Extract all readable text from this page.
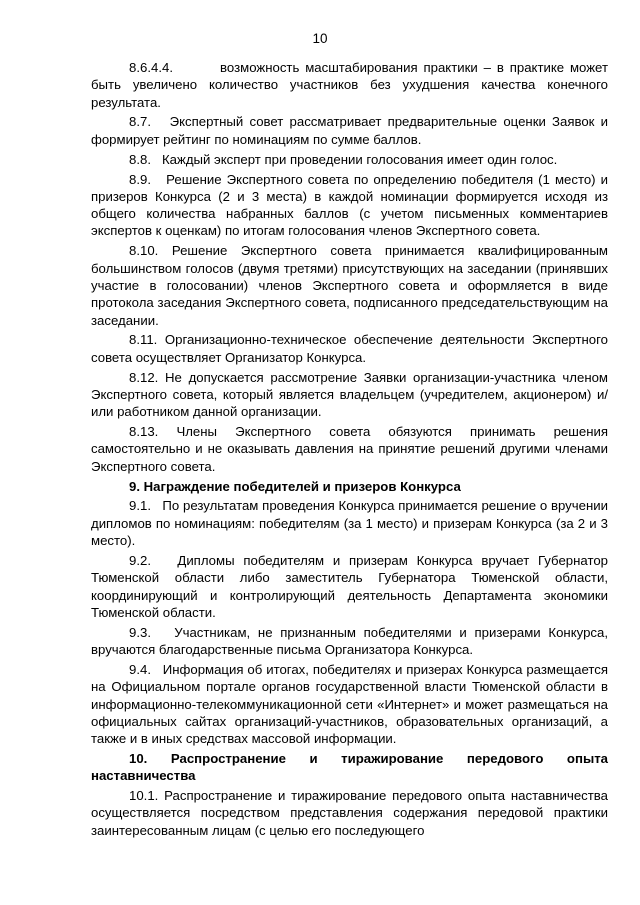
10

8.6.4.4.        возможность масштабирования практики – в практике может быть увеличено количество участников без ухудшения качества конечного результата.

8.7.   Экспертный совет рассматривает предварительные оценки Заявок и формирует рейтинг по номинациям по сумме баллов.

8.8.   Каждый эксперт при проведении голосования имеет один голос.

8.9.   Решение Экспертного совета по определению победителя (1 место) и призеров Конкурса (2 и 3 места) в каждой номинации формируется исходя из общего количества набранных баллов (с учетом письменных комментариев экспертов к оценкам) по итогам голосования членов Экспертного совета.

8.10. Решение Экспертного совета принимается квалифицированным большинством голосов (двумя третями) присутствующих на заседании (принявших участие в голосовании) членов Экспертного совета и оформляется в виде протокола заседания Экспертного совета, подписанного председательствующим на заседании.

8.11. Организационно-техническое обеспечение деятельности Экспертного совета осуществляет Организатор Конкурса.

8.12. Не допускается рассмотрение Заявки организации-участника членом Экспертного совета, который является владельцем (учредителем, акционером) и/или работником данной организации.

8.13. Члены Экспертного совета обязуются принимать решения самостоятельно и не оказывать давления на принятие решений другими членами Экспертного совета.

9. Награждение победителей и призеров Конкурса

9.1.   По результатам проведения Конкурса принимается решение о вручении дипломов по номинациям: победителям (за 1 место) и призерам Конкурса (за 2 и 3 место).

9.2.   Дипломы победителям и призерам Конкурса вручает Губернатор Тюменской области либо заместитель Губернатора Тюменской области, координирующий и контролирующий деятельность Департамента экономики Тюменской области.

9.3.   Участникам, не признанным победителями и призерами Конкурса, вручаются благодарственные письма Организатора Конкурса.

9.4.   Информация об итогах, победителях и призерах Конкурса размещается на Официальном портале органов государственной власти Тюменской области в информационно-телекоммуникационной сети «Интернет» и может размещаться на официальных сайтах организаций-участников, образовательных организаций, а также и в иных средствах массовой информации.

10. Распространение и тиражирование передового опыта

наставничества

10.1. Распространение и тиражирование передового опыта наставничества осуществляется посредством представления содержания передовой практики заинтересованным лицам (с целью его последующего
